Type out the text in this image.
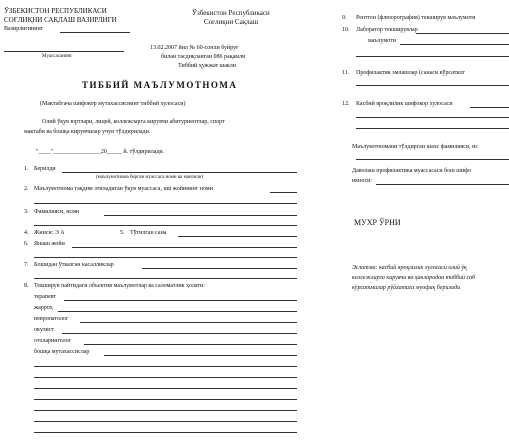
ЎЗБЕКИСТОН РЕСПУБЛИКАСИ
СОҒЛИҚНИ САҚЛАШ ВАЗИРЛИГИ
Вазирлигининг
Муассасанинг
Ўзбекистон Республикаси
Соғлиқни Сақлаш
13.02.2007 йил № 60-сонли буйруғ
билан тасдиқланган 086 рақамли
Тиббий ҳужжат шакли
ТИББИЙ МАЪЛУМОТНОМА
(Мактабгача шифокор мутахассиснинг тиббий хулосаси)
Олий ўқув юртлари, лицей, коллежларга кирувчи абитуриентлар, спорт
мактаби ва бошқа кирувчилар учун тўлдирилади.
"____"________________20_____ й. тўлдирилади.
1. Берилди
(маълумотнома берган муассаса номи ва манзили)
2. Маълумотнома тақдим этиладиган ўқув муассаса, иш жойининг номи
3. Фамилияси, исми
4. Жинси: Э А	5. Тўғилган сана
6. Яшаш жойи
7. Бошидан ўтказган касалликлар
8. Текширув пайтидаги объектив маълумотлар ва саломатлик ҳолати:
терапевт
жарроҳ
невропатолог
окулист
отоларинголог
бошқа мутахассислар
9. Рентген (флюорография) текширув маълумоти
10. Лаборатор текширувлар
маълумоти
11. Профилактик эмлашлар (санаси кўрсатилг
12. Касбий яроқлилик шифокор хулосаси
Маълумотномани тўлдирган шахс фамилияси, ис
Даволаш профилактика муассасаси бош шифо
имзоси:
МУХР ЎРНИ
Эслатма: касбий яроқлилик хулосаси олий ўқ
коллежларга кирувчи ва ҳакларидан тиббий саб
кўрсатмалар рўйхатига муофиқ берилади
